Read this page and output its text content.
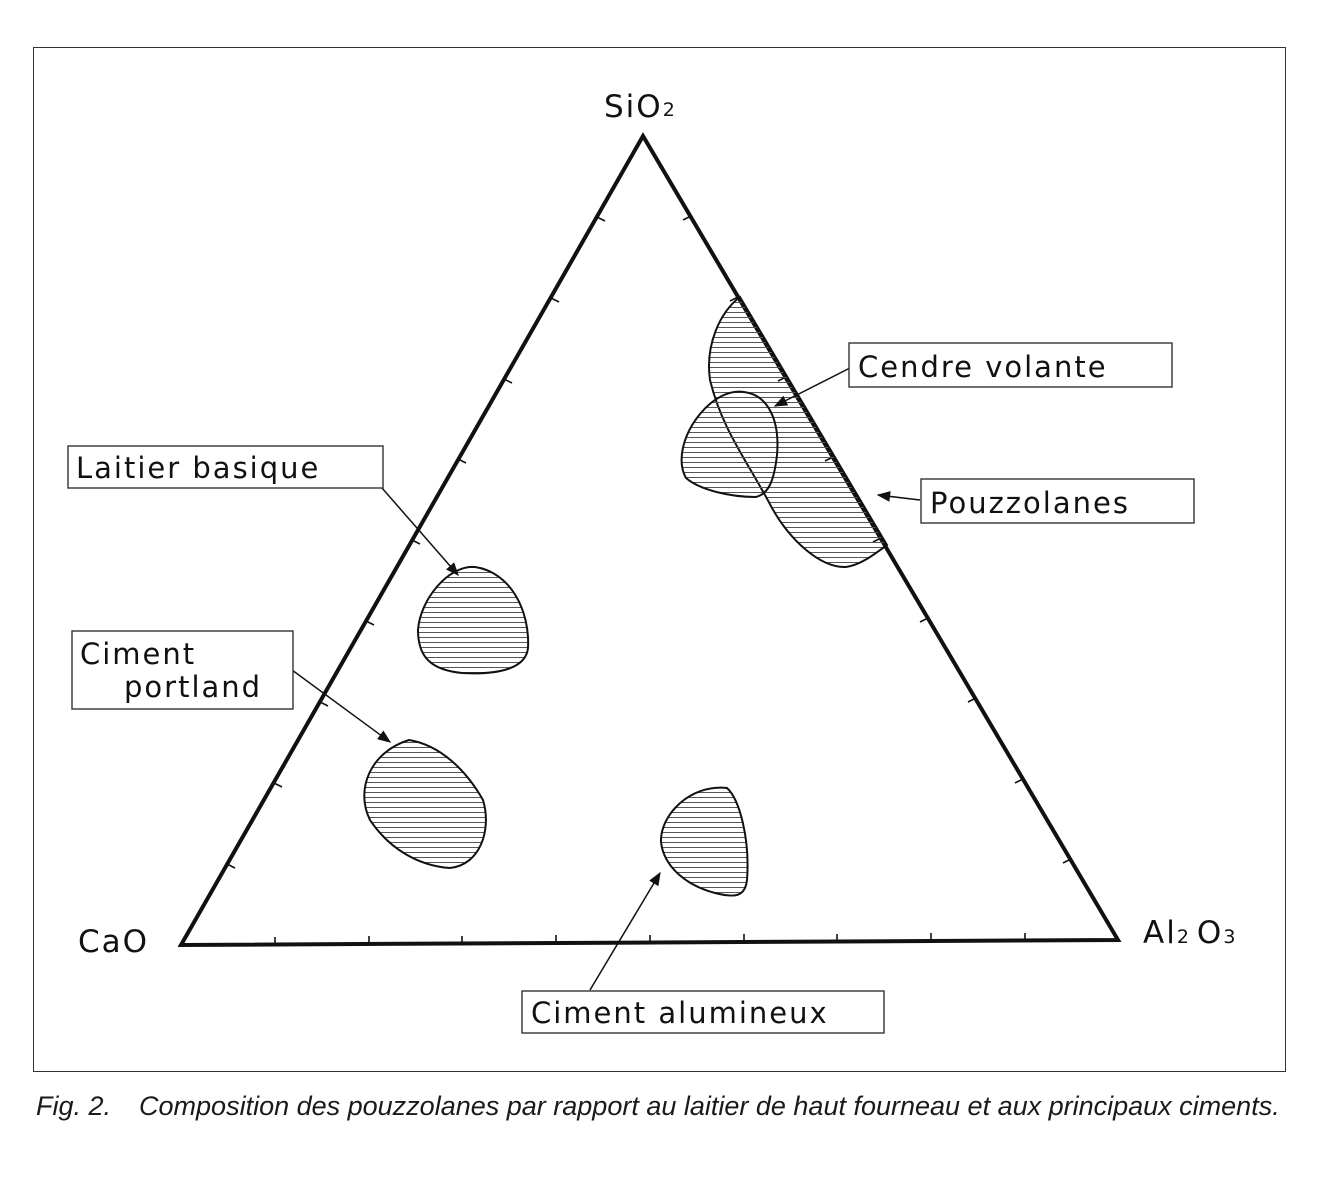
SiO2
CaO	Al2 O3
Cendre volante
Pouzzolanes
Laitier basique
Ciment
portland
Ciment alumineux
Fig. 2. Composition des pouzzolanes par rapport au laitier de haut fourneau et aux principaux ciments.
